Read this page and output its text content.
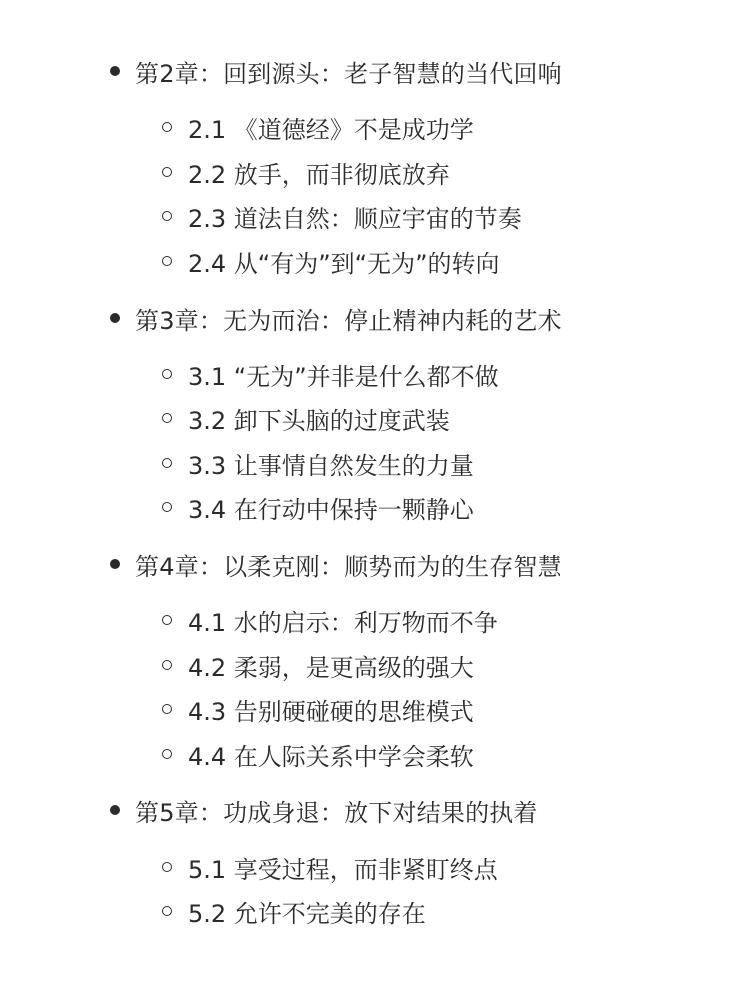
第2章：回到源头：老子智慧的当代回响
2.1 《道德经》不是成功学
2.2 放手，而非彻底放弃
2.3 道法自然：顺应宇宙的节奏
2.4 从“有为”到“无为”的转向
第3章：无为而治：停止精神内耗的艺术
3.1 “无为”并非是什么都不做
3.2 卸下头脑的过度武装
3.3 让事情自然发生的力量
3.4 在行动中保持一颗静心
第4章：以柔克刚：顺势而为的生存智慧
4.1 水的启示：利万物而不争
4.2 柔弱，是更高级的强大
4.3 告别硬碰硬的思维模式
4.4 在人际关系中学会柔软
第5章：功成身退：放下对结果的执着
5.1 享受过程，而非紧盯终点
5.2 允许不完美的存在
